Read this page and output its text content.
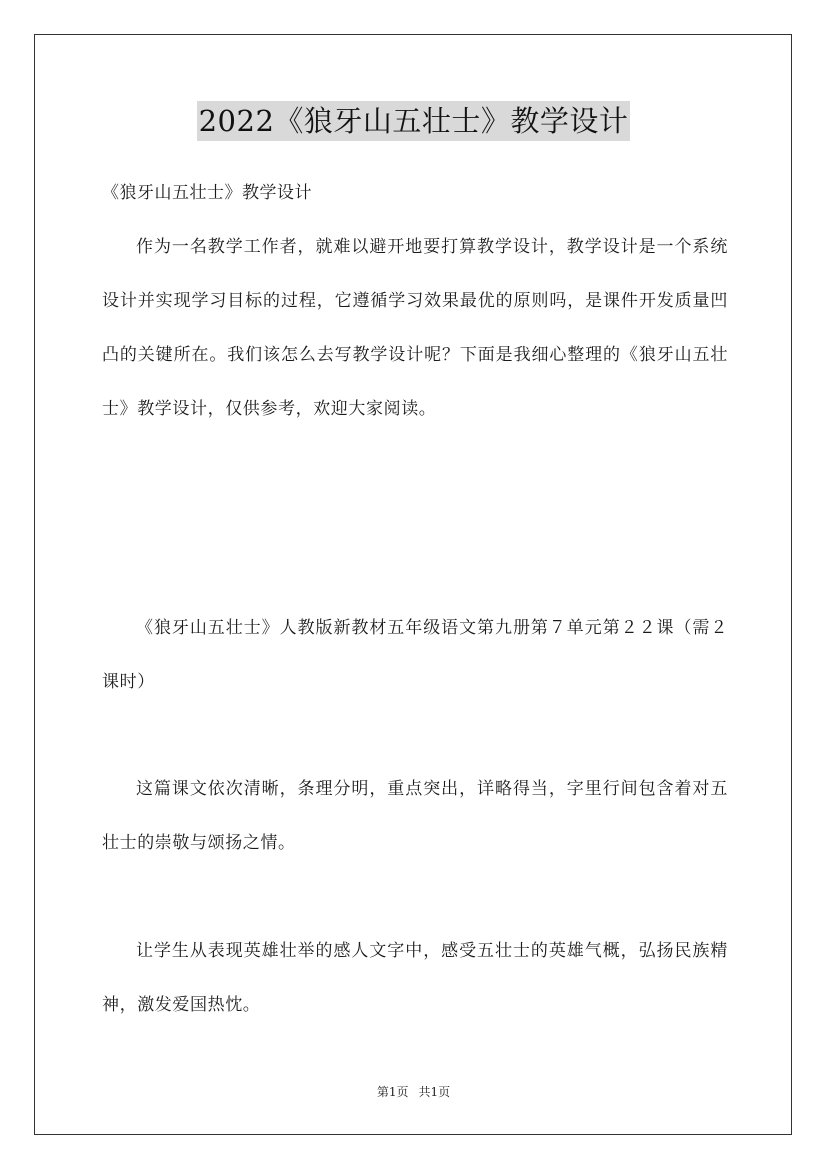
2022《狼牙山五壮士》教学设计
《狼牙山五壮士》教学设计

作为一名教学工作者，就难以避开地要打算教学设计，教学设计是一个系统设计并实现学习目标的过程，它遵循学习效果最优的原则吗，是课件开发质量凹凸的关键所在。我们该怎么去写教学设计呢？下面是我细心整理的《狼牙山五壮士》教学设计，仅供参考，欢迎大家阅读。

《狼牙山五壮士》人教版新教材五年级语文第九册第７单元第２２课（需２课时）

这篇课文依次清晰，条理分明，重点突出，详略得当，字里行间包含着对五壮士的崇敬与颂扬之情。

让学生从表现英雄壮举的感人文字中，感受五壮士的英雄气概，弘扬民族精神，激发爱国热忱。

第1页 共1页
